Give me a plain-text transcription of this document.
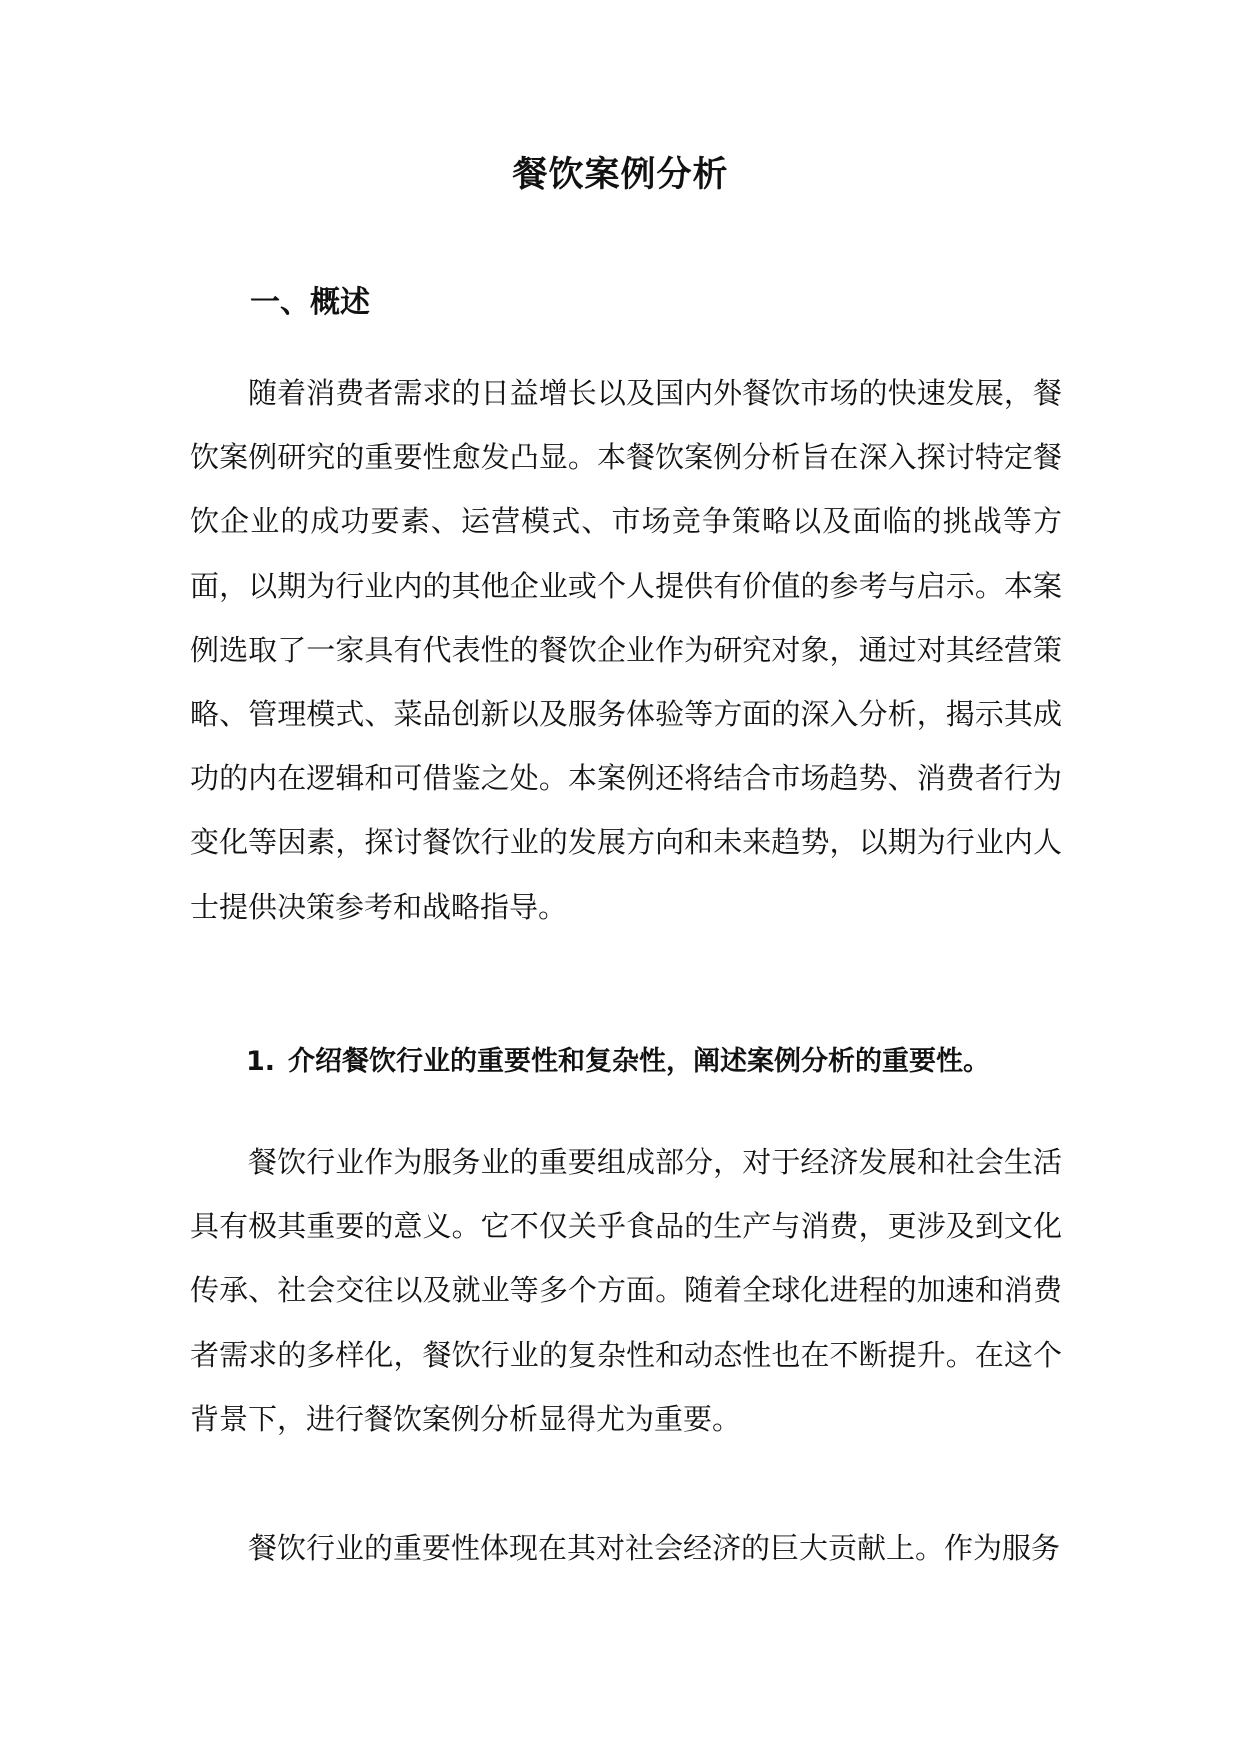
餐饮案例分析
一、概述

随着消费者需求的日益增长以及国内外餐饮市场的快速发展，餐饮案例研究的重要性愈发凸显。本餐饮案例分析旨在深入探讨特定餐饮企业的成功要素、运营模式、市场竞争策略以及面临的挑战等方面，以期为行业内的其他企业或个人提供有价值的参考与启示。本案例选取了一家具有代表性的餐饮企业作为研究对象，通过对其经营策略、管理模式、菜品创新以及服务体验等方面的深入分析，揭示其成功的内在逻辑和可借鉴之处。本案例还将结合市场趋势、消费者行为变化等因素，探讨餐饮行业的发展方向和未来趋势，以期为行业内人士提供决策参考和战略指导。

1. 介绍餐饮行业的重要性和复杂性，阐述案例分析的重要性。

餐饮行业作为服务业的重要组成部分，对于经济发展和社会生活具有极其重要的意义。它不仅关乎食品的生产与消费，更涉及到文化传承、社会交往以及就业等多个方面。随着全球化进程的加速和消费者需求的多样化，餐饮行业的复杂性和动态性也在不断提升。在这个背景下，进行餐饮案例分析显得尤为重要。

餐饮行业的重要性体现在其对社会经济的巨大贡献上。作为服务
